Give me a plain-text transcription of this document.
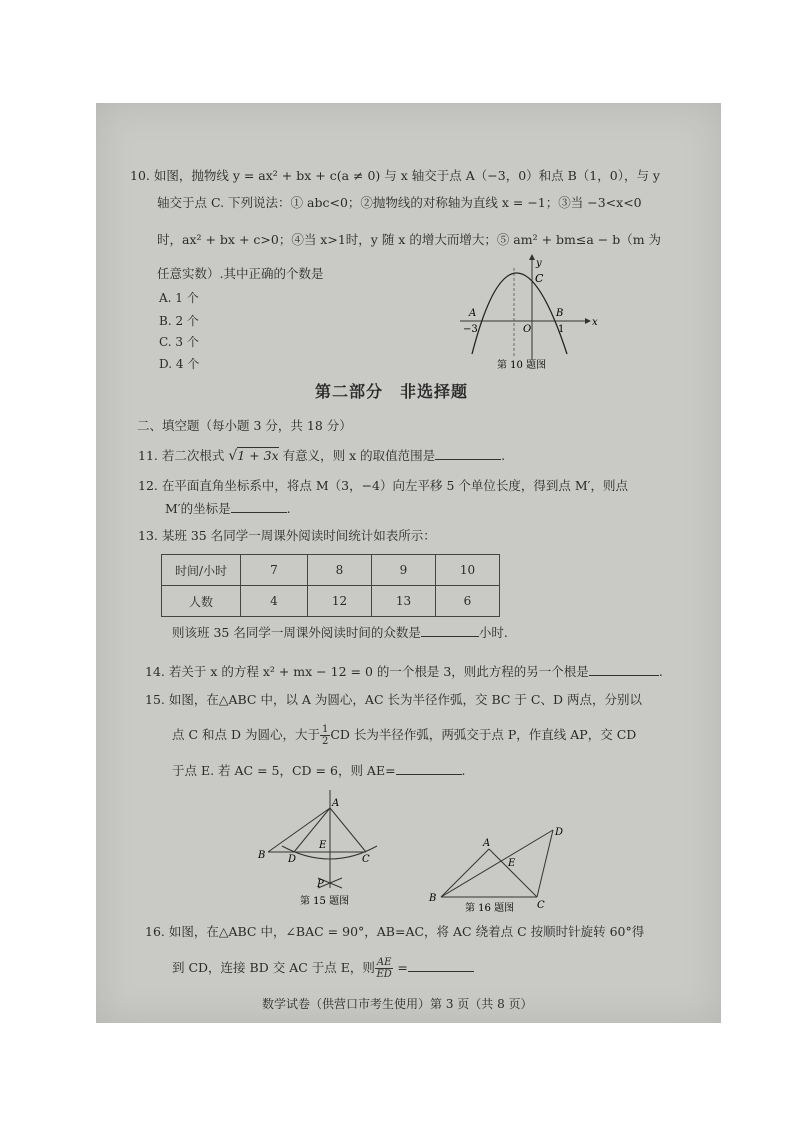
10. 如图，抛物线 y = ax² + bx + c(a ≠ 0) 与 x 轴交于点 A（−3，0）和点 B（1，0），与 y
轴交于点 C. 下列说法：① abc<0；②抛物线的对称轴为直线 x = −1；③当 −3<x<0
时，ax² + bx + c>0；④当 x>1时，y 随 x 的增大而增大；⑤ am² + bm≤a − b（m 为
任意实数）.其中正确的个数是
A. 1 个
B. 2 个
C. 3 个
D. 4 个
y
x
C
A	B
O
−3	1
第 10 题图
第二部分　非选择题
二、填空题（每小题 3 分，共 18 分）
11. 若二次根式 √1 + 3x 有意义，则 x 的取值范围是	.
12. 在平面直角坐标系中，将点 M（3，−4）向左平移 5 个单位长度，得到点 M′，则点
M′的坐标是	.
13. 某班 35 名同学一周课外阅读时间统计如表所示：
时间/小时	7	8	9	10
人数	4	12	13	6
则该班 35 名同学一周课外阅读时间的众数是	小时.
14. 若关于 x 的方程 x² + mx − 12 = 0 的一个根是 3，则此方程的另一个根是	.
15. 如图，在△ABC 中，以 A 为圆心，AC 长为半径作弧，交 BC 于 C、D 两点，分别以
点 C 和点 D 为圆心，大于 $\frac{1}{2}$ CD 长为半径作弧，两弧交于点 P，作直线 AP，交 CD
于点 E. 若 AC = 5，CD = 6，则 AE=	.
A
B D
E
C
P
第 15 题图
A
B
C
D
E
第 16 题图
16. 如图，在△ABC 中，∠BAC = 90°，AB=AC，将 AC 绕着点 C 按顺时针旋转 60°得
到 CD，连接 BD 交 AC 于点 E，则 $\frac{AE}{ED}$ =
数学试卷（供营口市考生使用）第 3 页（共 8 页）
